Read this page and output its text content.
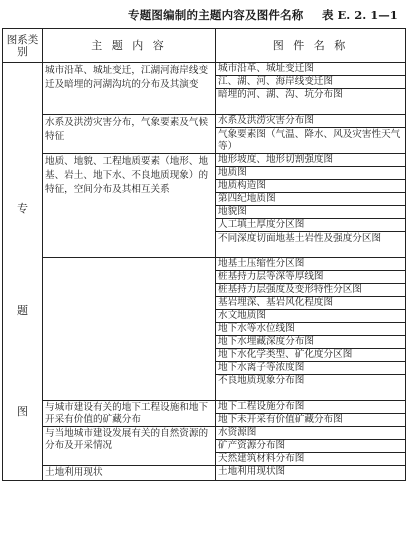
专题图编制的主题内容及图件名称 表 E. 2. 1—1
图系类别	主 题 内 容	图 件 名 称

专
题
图	城市沿革、城址变迁，江湖河海岸线变迁及暗埋的河湖沟坑的分布及其演变	城市沿革、城址变迁图
		江、湖、河、海岸线变迁图
		暗埋的河、湖、沟、坑分布图
	水系及洪涝灾害分布，气象要素及气候特征	水系及洪涝灾害分布图
		气象要素图（气温、降水、风及灾害性天气等）
	地质、地貌、工程地质要素（地形、地基、岩土、地下水、不良地质现象）的特征，空间分布及其相互关系	地形坡度、地形切割强度图
		地质图
		地质构造图
		第四纪地质图
		地貌图
		人工填土厚度分区图
		不同深度切面地基土岩性及强度分区图
		地基土压缩性分区图
		桩基持力层等深等厚线图
		桩基持力层强度及变形特性分区图
		基岩埋深、基岩风化程度图
		水文地质图
		地下水等水位线图
		地下水埋藏深度分布图
		地下水化学类型、矿化度分区图
		地下水离子等浓度图
		不良地质现象分布图
	与城市建设有关的地下工程设施和地下开采有价值的矿藏分布	地下工程设施分布图
		地下未开采有价值矿藏分布图
	与当地城市建设发展有关的自然资源的分布及开采情况	水资源图
		矿产资源分布图
		天然建筑材料分布图
	土地利用现状	土地利用现状图
